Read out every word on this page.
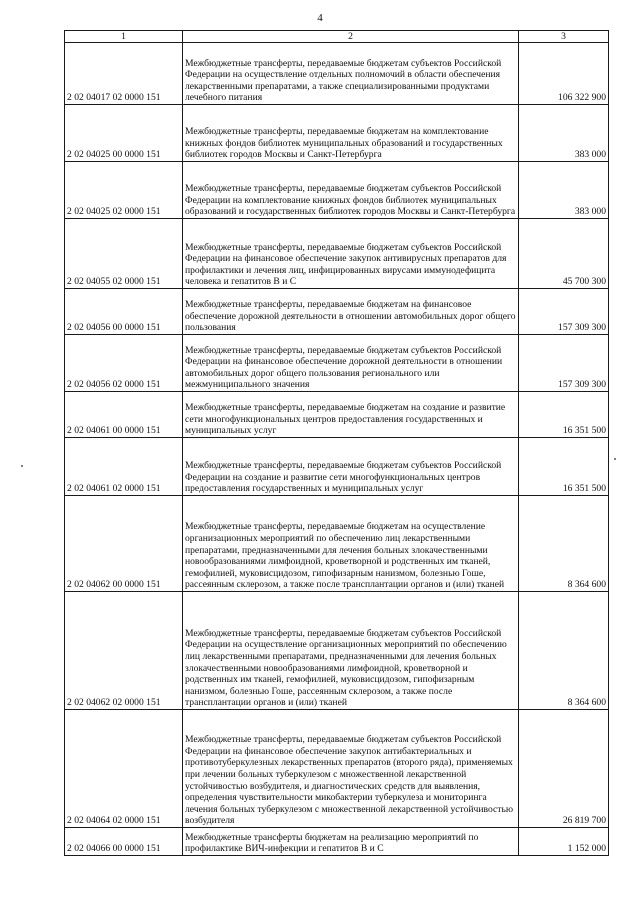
4
1	2	3
2 02 04017 02 0000 151	Межбюджетные трансферты, передаваемые бюджетам субъектов Российской Федерации на осуществление отдельных полномочий в области обеспечения лекарственными препаратами, а также специализированными продуктами лечебного питания	106 322 900
2 02 04025 00 0000 151	Межбюджетные трансферты, передаваемые бюджетам на комплектование книжных фондов библиотек муниципальных образований и государственных библиотек городов Москвы и Санкт-Петербурга	383 000
2 02 04025 02 0000 151	Межбюджетные трансферты, передаваемые бюджетам субъектов Российской Федерации на комплектование книжных фондов библиотек муниципальных образований и государственных библиотек городов Москвы и Санкт-Петербурга	383 000
2 02 04055 02 0000 151	Межбюджетные трансферты, передаваемые бюджетам субъектов Российской Федерации на финансовое обеспечение закупок антивирусных препаратов для профилактики и лечения лиц, инфицированных вирусами иммунодефицита человека и гепатитов В и С	45 700 300
2 02 04056 00 0000 151	Межбюджетные трансферты, передаваемые бюджетам на финансовое обеспечение дорожной деятельности в отношении автомобильных дорог общего пользования	157 309 300
2 02 04056 02 0000 151	Межбюджетные трансферты, передаваемые бюджетам субъектов Российской Федерации на финансовое обеспечение дорожной деятельности в отношении автомобильных дорог общего пользования регионального или межмуниципального значения	157 309 300
2 02 04061 00 0000 151	Межбюджетные трансферты, передаваемые бюджетам на создание и развитие сети многофункциональных центров предоставления государственных и муниципальных услуг	16 351 500
2 02 04061 02 0000 151	Межбюджетные трансферты, передаваемые бюджетам субъектов Российской Федерации на создание и развитие сети многофункциональных центров предоставления государственных и муниципальных услуг	16 351 500
2 02 04062 00 0000 151	Межбюджетные трансферты, передаваемые бюджетам на осуществление организационных мероприятий по обеспечению лиц лекарственными препаратами, предназначенными для лечения больных злокачественными новообразованиями лимфоидной, кроветворной и родственных им тканей, гемофилией, муковисцидозом, гипофизарным нанизмом, болезнью Гоше, рассеянным склерозом, а также после трансплантации органов и (или) тканей	8 364 600
2 02 04062 02 0000 151	Межбюджетные трансферты, передаваемые бюджетам субъектов Российской Федерации на осуществление организационных мероприятий по обеспечению лиц лекарственными препаратами, предназначенными для лечения больных злокачественными новообразованиями лимфоидной, кроветворной и родственных им тканей, гемофилией, муковисцидозом, гипофизарным нанизмом, болезнью Гоше, рассеянным склерозом, а также после трансплантации органов и (или) тканей	8 364 600
2 02 04064 02 0000 151	Межбюджетные трансферты, передаваемые бюджетам субъектов Российской Федерации на финансовое обеспечение закупок антибактериальных и противотуберкулезных лекарственных препаратов (второго ряда), применяемых при лечении больных туберкулезом с множественной лекарственной устойчивостью возбудителя, и диагностических средств для выявления, определения чувствительности микобактерии туберкулеза и мониторинга лечения больных туберкулезом с множественной лекарственной устойчивостью возбудителя	26 819 700
2 02 04066 00 0000 151	Межбюджетные трансферты бюджетам на реализацию мероприятий по профилактике ВИЧ-инфекции и гепатитов В и С	1 152 000
